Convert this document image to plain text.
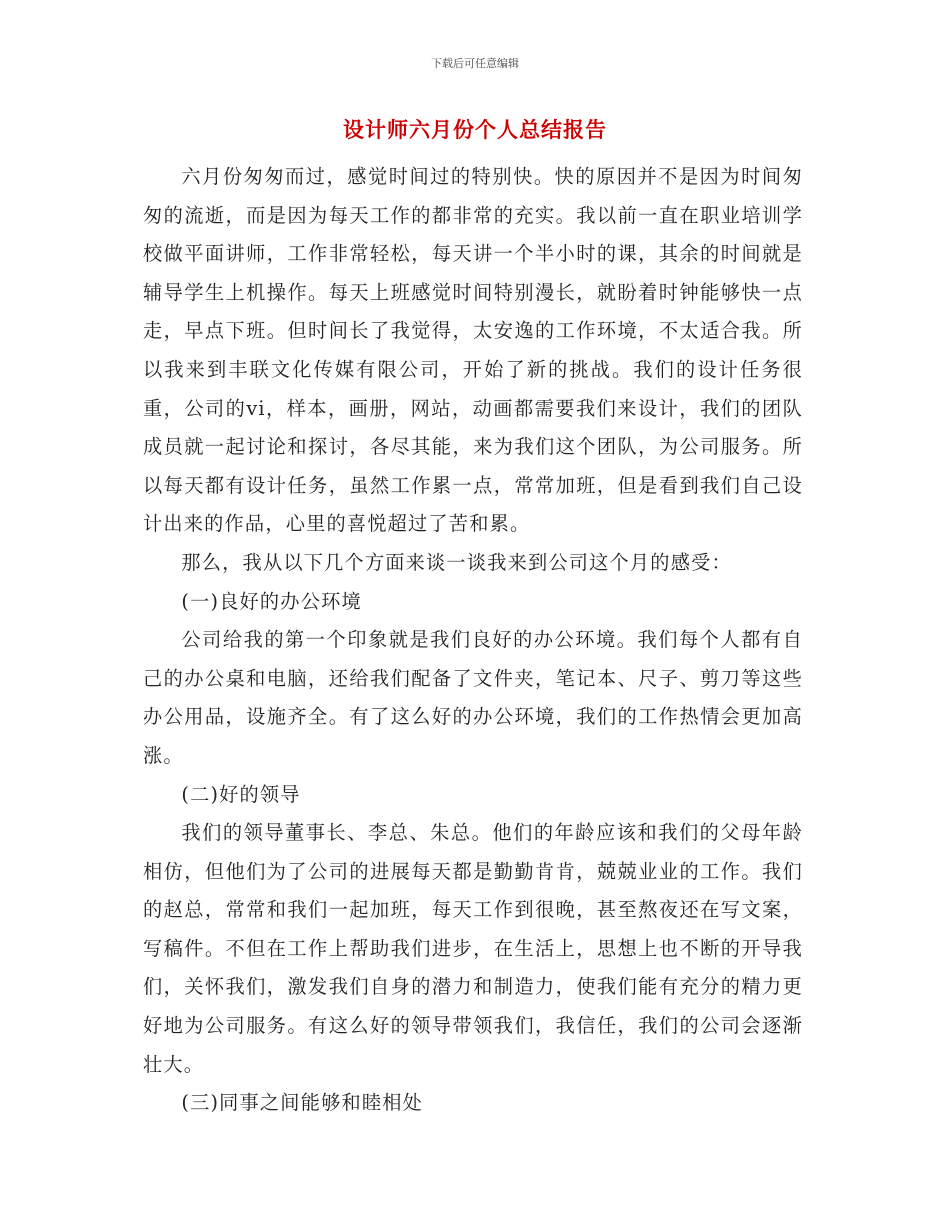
下载后可任意编辑
设计师六月份个人总结报告

六月份匆匆而过，感觉时间过的特别快。快的原因并不是因为时间匆匆的流逝，而是因为每天工作的都非常的充实。我以前一直在职业培训学校做平面讲师，工作非常轻松，每天讲一个半小时的课，其余的时间就是辅导学生上机操作。每天上班感觉时间特别漫长，就盼着时钟能够快一点走，早点下班。但时间长了我觉得，太安逸的工作环境，不太适合我。所以我来到丰联文化传媒有限公司，开始了新的挑战。我们的设计任务很重，公司的vi，样本，画册，网站，动画都需要我们来设计，我们的团队成员就一起讨论和探讨，各尽其能，来为我们这个团队，为公司服务。所以每天都有设计任务，虽然工作累一点，常常加班，但是看到我们自己设计出来的作品，心里的喜悦超过了苦和累。

那么，我从以下几个方面来谈一谈我来到公司这个月的感受：

(一)良好的办公环境

公司给我的第一个印象就是我们良好的办公环境。我们每个人都有自己的办公桌和电脑，还给我们配备了文件夹，笔记本、尺子、剪刀等这些办公用品，设施齐全。有了这么好的办公环境，我们的工作热情会更加高涨。

(二)好的领导

我们的领导董事长、李总、朱总。他们的年龄应该和我们的父母年龄相仿，但他们为了公司的进展每天都是勤勤肯肯，兢兢业业的工作。我们的赵总，常常和我们一起加班，每天工作到很晚，甚至熬夜还在写文案，写稿件。不但在工作上帮助我们进步，在生活上，思想上也不断的开导我们，关怀我们，激发我们自身的潜力和制造力，使我们能有充分的精力更好地为公司服务。有这么好的领导带领我们，我信任，我们的公司会逐渐壮大。

(三)同事之间能够和睦相处
